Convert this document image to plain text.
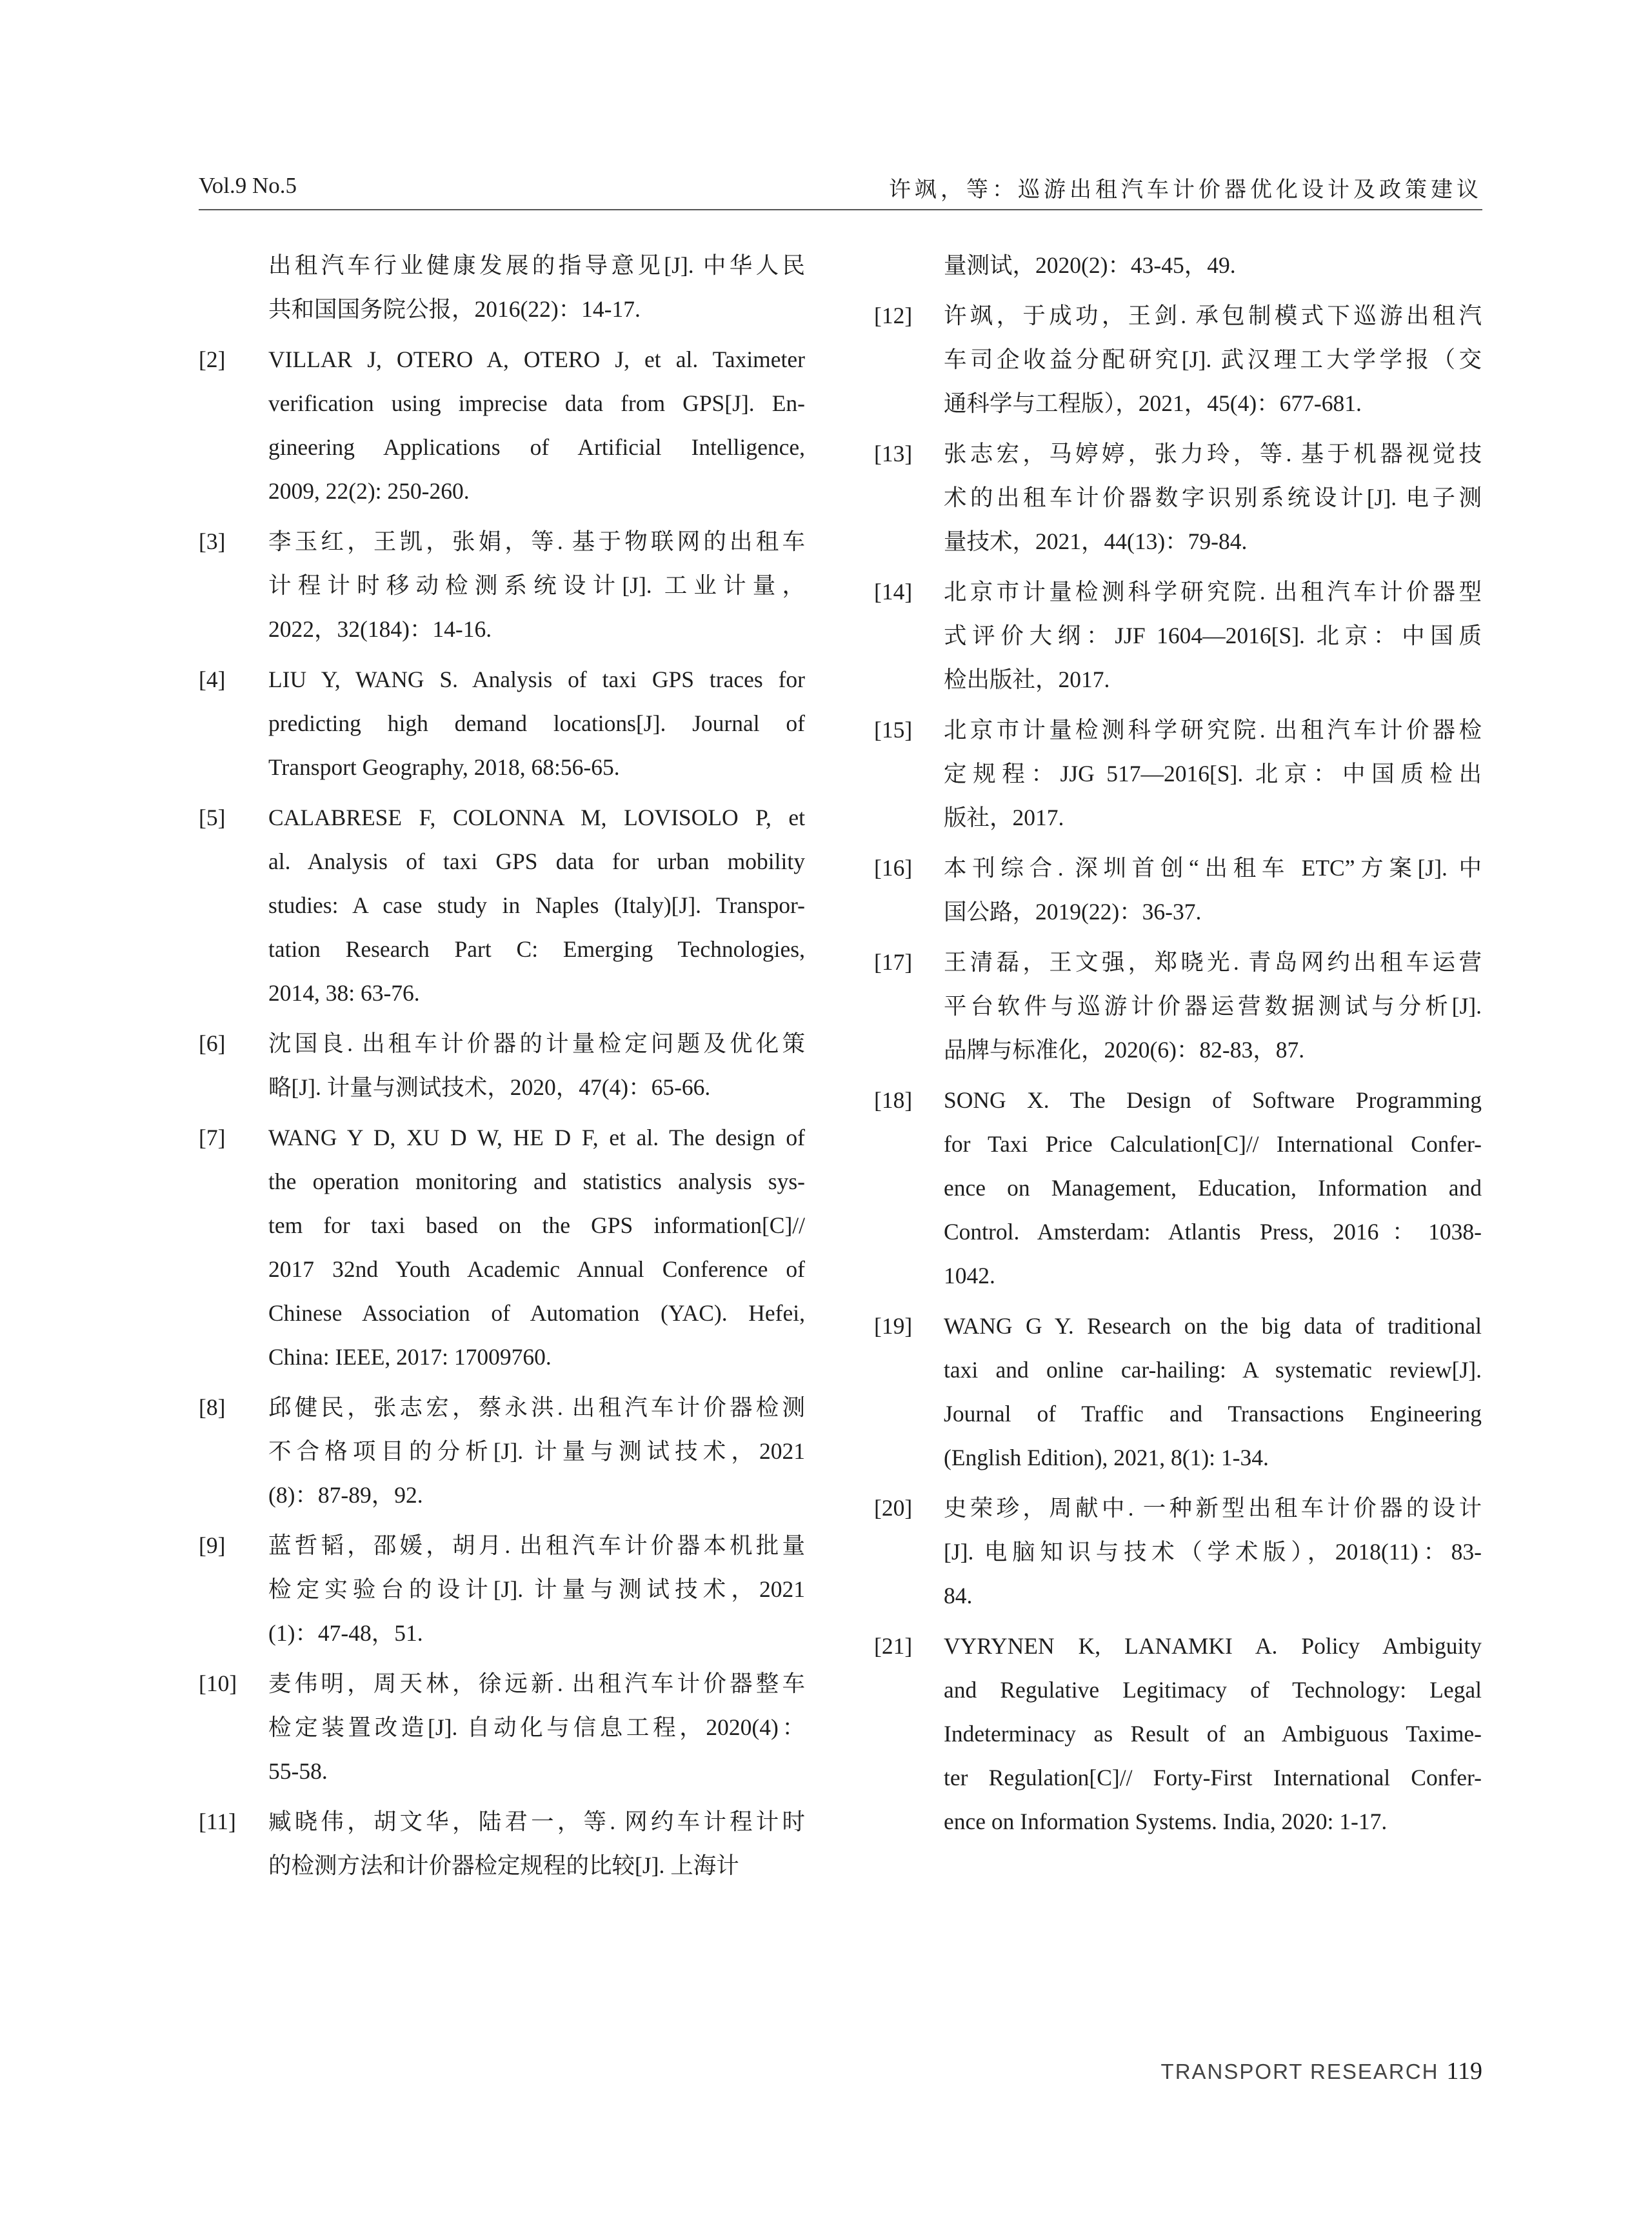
Vol.9 No.5	许飒，等：巡游出租汽车计价器优化设计及政策建议
出租汽车行业健康发展的指导意见[J]. 中华人民
共和国国务院公报，2016(22)：14-17.
[2] VILLAR J, OTERO A, OTERO J, et al. Taximeter
verification using imprecise data from GPS[J]. En-
gineering Applications of Artificial Intelligence,
2009, 22(2): 250-260.
[3] 李玉红，王凯，张娟，等. 基于物联网的出租车
计程计时移动检测系统设计[J]. 工业计量，
2022，32(184)：14-16.
[4] LIU Y, WANG S. Analysis of taxi GPS traces for
predicting high demand locations[J]. Journal of
Transport Geography, 2018, 68:56-65.
[5] CALABRESE F, COLONNA M, LOVISOLO P, et
al. Analysis of taxi GPS data for urban mobility
studies: A case study in Naples (Italy)[J]. Transpor-
tation Research Part C: Emerging Technologies,
2014, 38: 63-76.
[6] 沈国良. 出租车计价器的计量检定问题及优化策
略[J]. 计量与测试技术，2020，47(4)：65-66.
[7] WANG Y D, XU D W, HE D F, et al. The design of
the operation monitoring and statistics analysis sys-
tem for taxi based on the GPS information[C]//
2017 32nd Youth Academic Annual Conference of
Chinese Association of Automation (YAC). Hefei,
China: IEEE, 2017: 17009760.
[8] 邱健民，张志宏，蔡永洪. 出租汽车计价器检测
不合格项目的分析[J]. 计量与测试技术，2021
(8)：87-89，92.
[9] 蓝哲韬，邵媛，胡月. 出租汽车计价器本机批量
检定实验台的设计[J]. 计量与测试技术，2021
(1)：47-48，51.
[10] 麦伟明，周天林，徐远新. 出租汽车计价器整车
检定装置改造[J]. 自动化与信息工程，2020(4)：
55-58.
[11] 臧晓伟，胡文华，陆君一，等. 网约车计程计时
的检测方法和计价器检定规程的比较[J]. 上海计
量测试，2020(2)：43-45，49.
[12] 许飒，于成功，王剑. 承包制模式下巡游出租汽
车司企收益分配研究[J]. 武汉理工大学学报（交
通科学与工程版），2021，45(4)：677-681.
[13] 张志宏，马婷婷，张力玲，等. 基于机器视觉技
术的出租车计价器数字识别系统设计[J]. 电子测
量技术，2021，44(13)：79-84.
[14] 北京市计量检测科学研究院. 出租汽车计价器型
式评价大纲：JJF 1604—2016[S]. 北京：中国质
检出版社，2017.
[15] 北京市计量检测科学研究院. 出租汽车计价器检
定规程：JJG 517—2016[S]. 北京：中国质检出
版社，2017.
[16] 本刊综合. 深圳首创“出租车 ETC”方案[J]. 中
国公路，2019(22)：36-37.
[17] 王清磊，王文强，郑晓光. 青岛网约出租车运营
平台软件与巡游计价器运营数据测试与分析[J].
品牌与标准化，2020(6)：82-83，87.
[18] SONG X. The Design of Software Programming
for Taxi Price Calculation[C]// International Confer-
ence on Management, Education, Information and
Control. Amsterdam: Atlantis Press, 2016：1038-
1042.
[19] WANG G Y. Research on the big data of traditional
taxi and online car-hailing: A systematic review[J].
Journal of Traffic and Transactions Engineering
(English Edition), 2021, 8(1): 1-34.
[20] 史荣珍，周献中. 一种新型出租车计价器的设计
[J]. 电脑知识与技术（学术版），2018(11)：83-
84.
[21] VYRYNEN K, LANAMKI A. Policy Ambiguity
and Regulative Legitimacy of Technology: Legal
Indeterminacy as Result of an Ambiguous Taxime-
ter Regulation[C]// Forty-First International Confer-
ence on Information Systems. India, 2020: 1-17.
TRANSPORT RESEARCH 119
